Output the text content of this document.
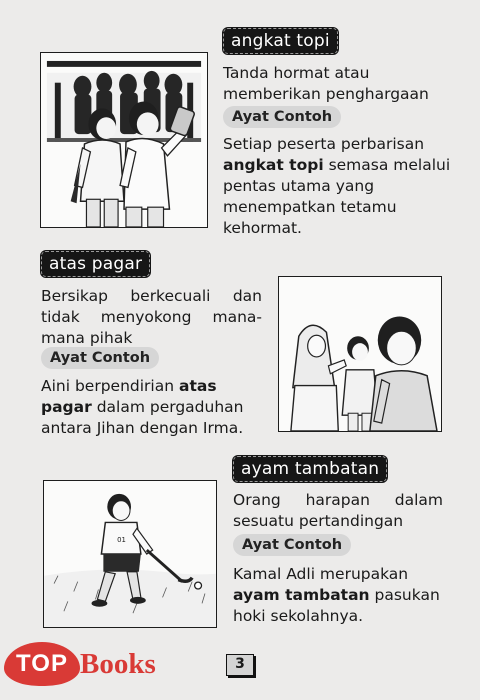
angkat topi

Tanda hormat atau memberikan penghargaan

Ayat Contoh

Setiap peserta perbarisan angkat topi semasa melalui pentas utama yang menempatkan tetamu kehormat.

atas pagar

Bersikap berkecuali dan tidak menyokong mana-mana pihak

Ayat Contoh

Aini berpendirian atas pagar dalam pergaduhan antara Jihan dengan Irma.

01
ayam tambatan

Orang harapan dalam sesuatu pertandingan

Ayat Contoh

Kamal Adli merupakan ayam tambatan pasukan hoki sekolahnya.

TOP Books	3
